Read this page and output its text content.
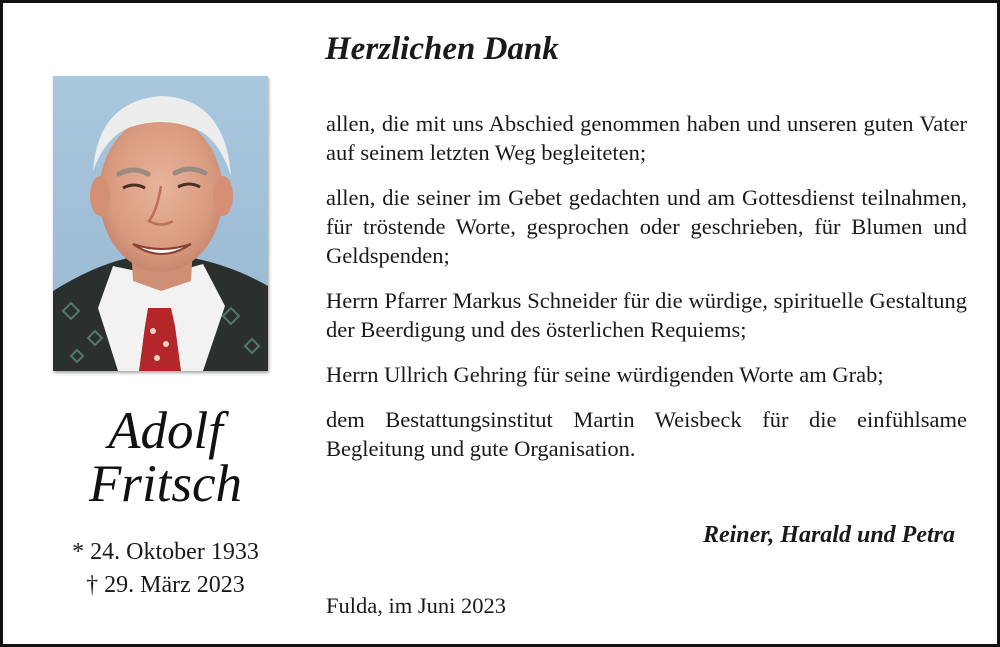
Adolf
Fritsch
* 24. Oktober 1933
† 29. März 2023
Herzlichen Dank

allen, die mit uns Abschied genommen haben und unseren guten Vater auf seinem letzten Weg begleiteten;

allen, die seiner im Gebet gedachten und am Gottesdienst teilnahmen, für tröstende Worte, gesprochen oder geschrieben, für Blumen und Geldspenden;

Herrn Pfarrer Markus Schneider für die würdige, spirituelle Gestaltung der Beerdigung und des österlichen Requiems;

Herrn Ullrich Gehring für seine würdigenden Worte am Grab;

dem Bestattungsinstitut Martin Weisbeck für die einfühlsame Begleitung und gute Organisation.

Reiner, Harald und Petra
Fulda, im Juni 2023
